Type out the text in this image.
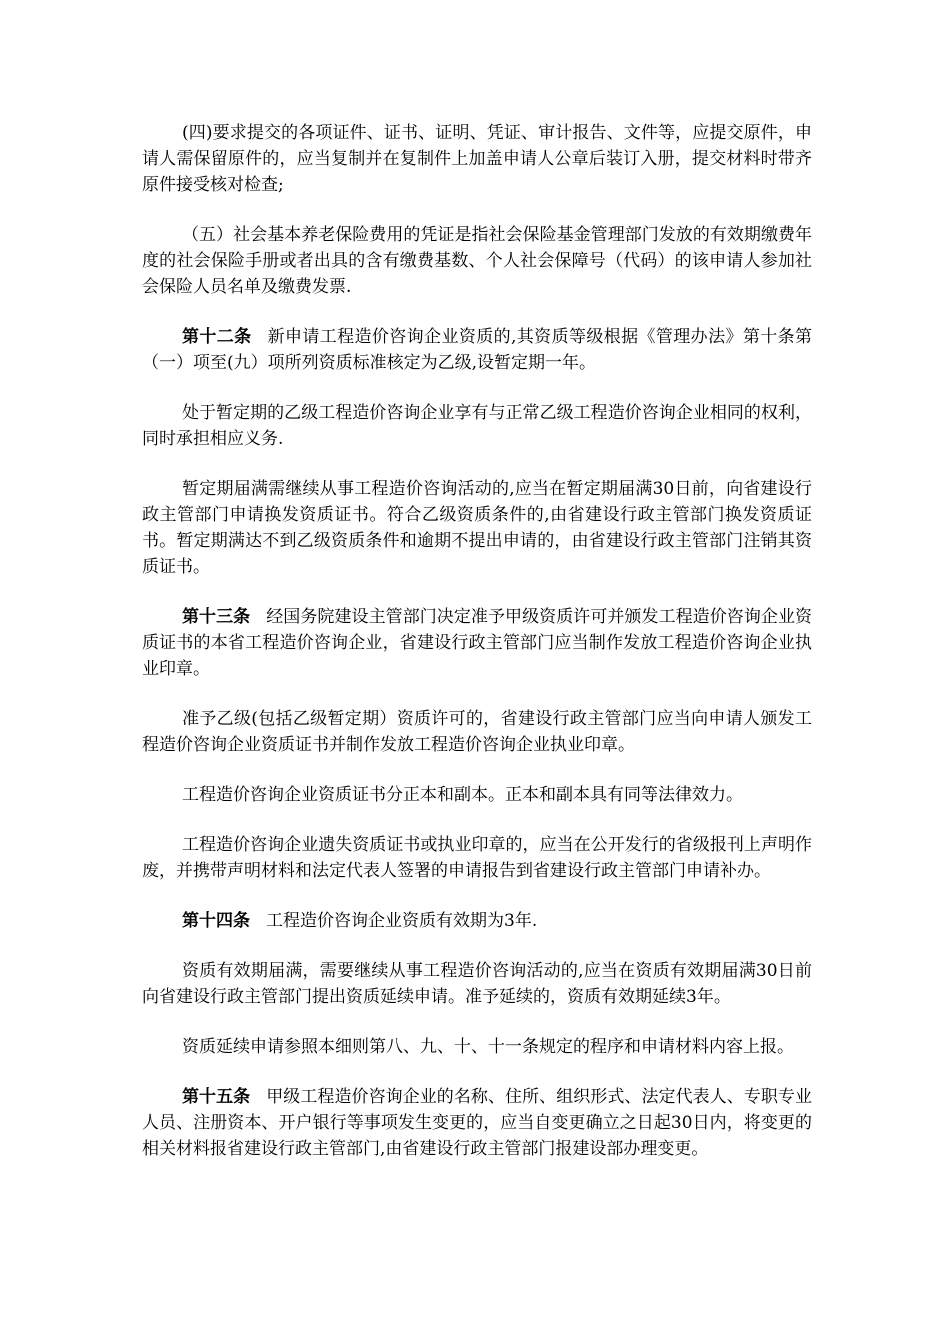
(四)要求提交的各项证件、证书、证明、凭证、审计报告、文件等，应提交原件，申请人需保留原件的，应当复制并在复制件上加盖申请人公章后装订入册，提交材料时带齐原件接受核对检查;

（五）社会基本养老保险费用的凭证是指社会保险基金管理部门发放的有效期缴费年度的社会保险手册或者出具的含有缴费基数、个人社会保障号（代码）的该申请人参加社会保险人员名单及缴费发票.

第十二条 新申请工程造价咨询企业资质的,其资质等级根据《管理办法》第十条第（一）项至(九）项所列资质标准核定为乙级,设暂定期一年。

处于暂定期的乙级工程造价咨询企业享有与正常乙级工程造价咨询企业相同的权利，同时承担相应义务.

暂定期届满需继续从事工程造价咨询活动的,应当在暂定期届满30日前，向省建设行政主管部门申请换发资质证书。符合乙级资质条件的,由省建设行政主管部门换发资质证书。暂定期满达不到乙级资质条件和逾期不提出申请的，由省建设行政主管部门注销其资质证书。

第十三条 经国务院建设主管部门决定准予甲级资质许可并颁发工程造价咨询企业资质证书的本省工程造价咨询企业，省建设行政主管部门应当制作发放工程造价咨询企业执业印章。

准予乙级(包括乙级暂定期）资质许可的，省建设行政主管部门应当向申请人颁发工程造价咨询企业资质证书并制作发放工程造价咨询企业执业印章。

工程造价咨询企业资质证书分正本和副本。正本和副本具有同等法律效力。

工程造价咨询企业遗失资质证书或执业印章的，应当在公开发行的省级报刊上声明作废，并携带声明材料和法定代表人签署的申请报告到省建设行政主管部门申请补办。

第十四条 工程造价咨询企业资质有效期为3年.

资质有效期届满，需要继续从事工程造价咨询活动的,应当在资质有效期届满30日前向省建设行政主管部门提出资质延续申请。准予延续的，资质有效期延续3年。

资质延续申请参照本细则第八、九、十、十一条规定的程序和申请材料内容上报。

第十五条 甲级工程造价咨询企业的名称、住所、组织形式、法定代表人、专职专业人员、注册资本、开户银行等事项发生变更的，应当自变更确立之日起30日内，将变更的相关材料报省建设行政主管部门,由省建设行政主管部门报建设部办理变更。
